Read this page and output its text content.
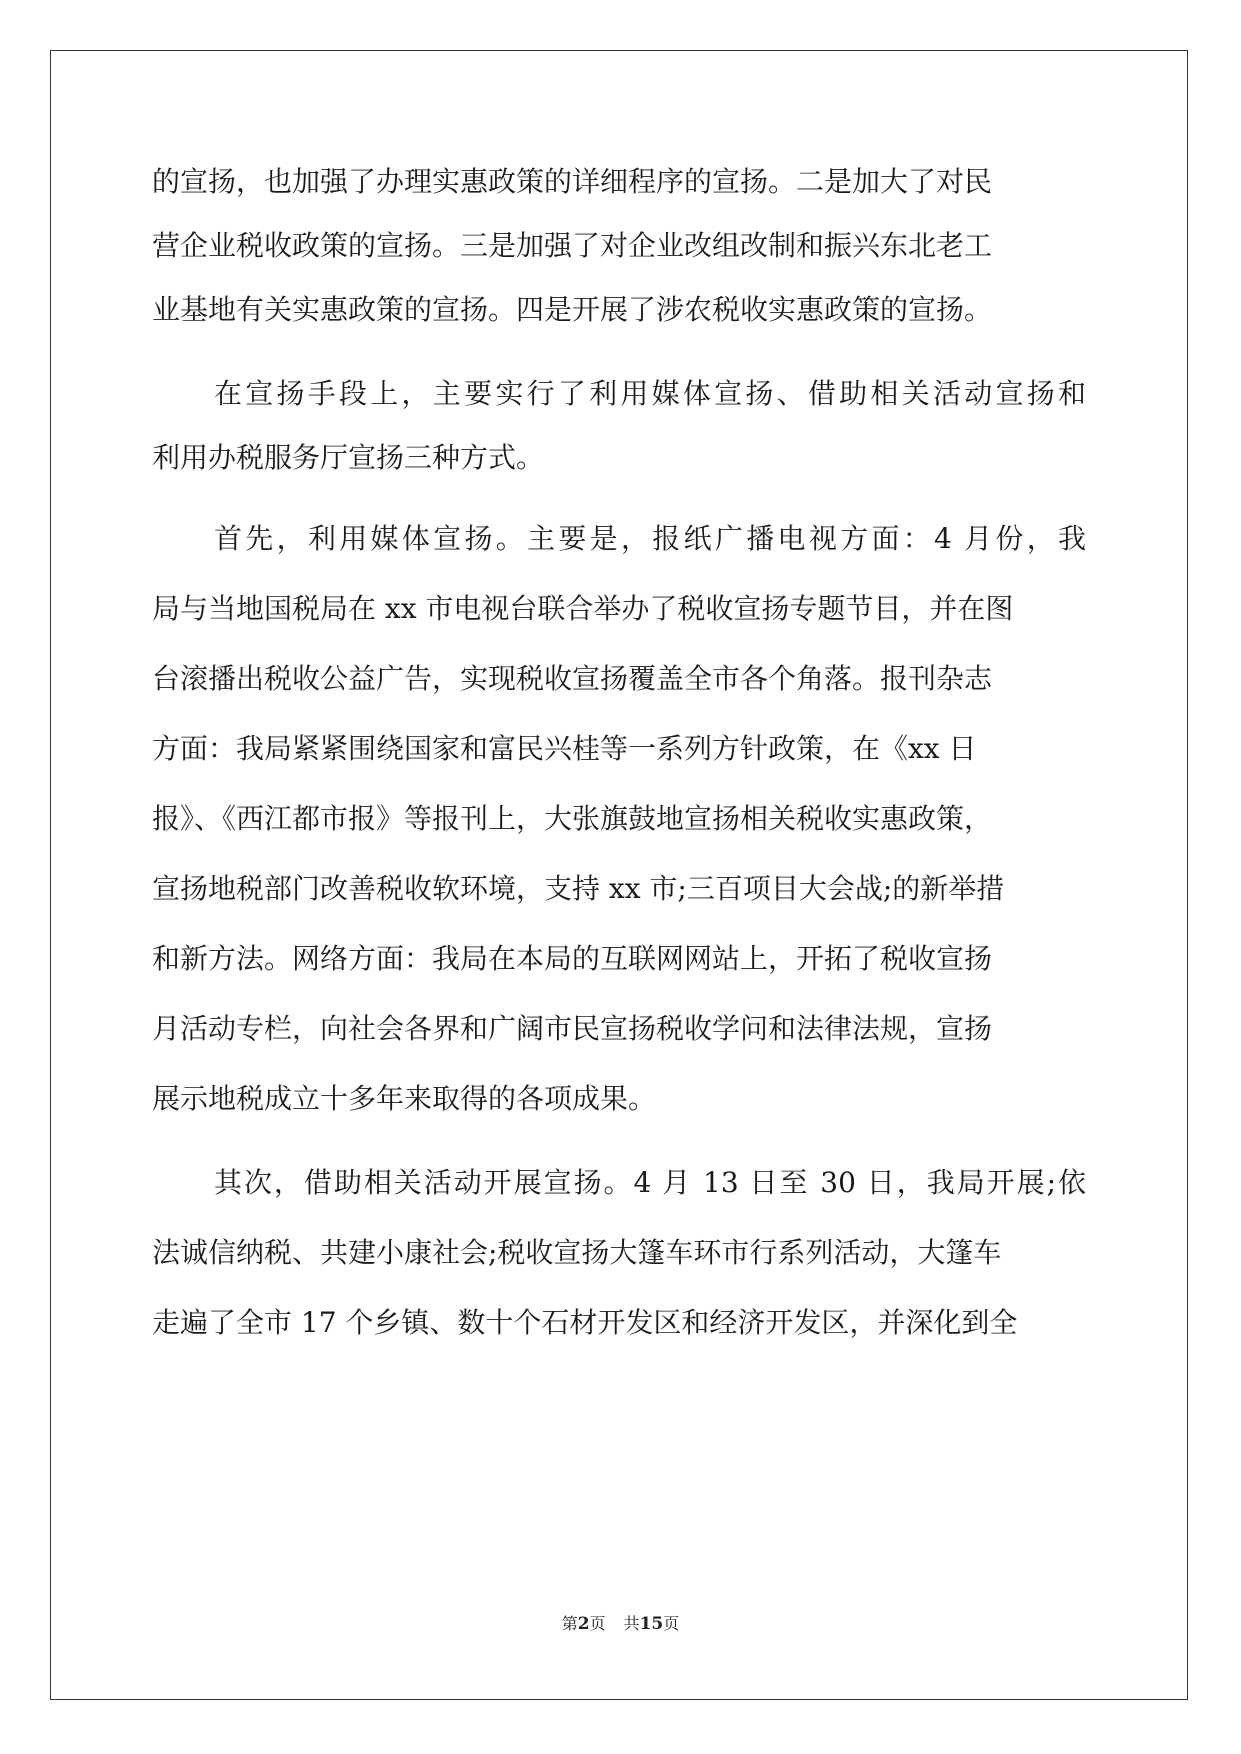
的宣扬，也加强了办理实惠政策的详细程序的宣扬。二是加大了对民
营企业税收政策的宣扬。三是加强了对企业改组改制和振兴东北老工
业基地有关实惠政策的宣扬。四是开展了涉农税收实惠政策的宣扬。
在宣扬手段上，主要实行了利用媒体宣扬、借助相关活动宣扬和
利用办税服务厅宣扬三种方式。
首先，利用媒体宣扬。主要是，报纸广播电视方面：4 月份，我
局与当地国税局在 xx 市电视台联合举办了税收宣扬专题节目，并在图
台滚播出税收公益广告，实现税收宣扬覆盖全市各个角落。报刊杂志
方面：我局紧紧围绕国家和富民兴桂等一系列方针政策，在《xx 日
报》、《西江都市报》等报刊上，大张旗鼓地宣扬相关税收实惠政策，
宣扬地税部门改善税收软环境，支持 xx 市;三百项目大会战;的新举措
和新方法。网络方面：我局在本局的互联网网站上，开拓了税收宣扬
月活动专栏，向社会各界和广阔市民宣扬税收学问和法律法规，宣扬
展示地税成立十多年来取得的各项成果。
其次，借助相关活动开展宣扬。4 月 13 日至 30 日，我局开展;依
法诚信纳税、共建小康社会;税收宣扬大篷车环市行系列活动，大篷车
走遍了全市 17 个乡镇、数十个石材开发区和经济开发区，并深化到全
第2页 共15页
